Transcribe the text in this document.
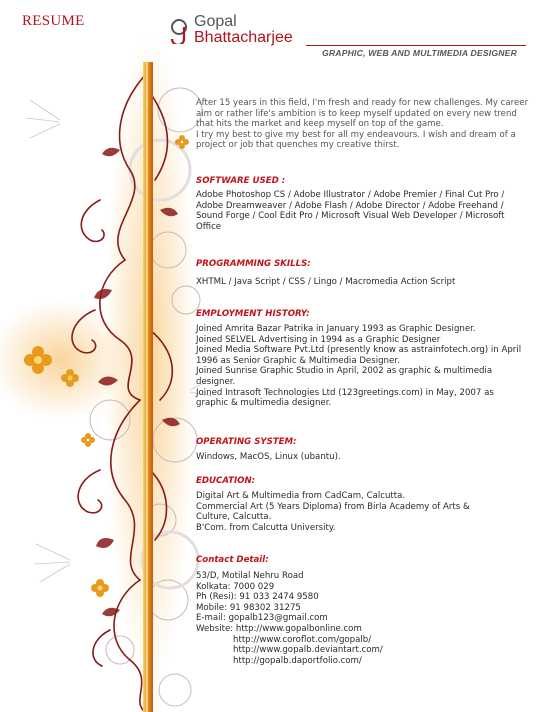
RESUME	Gopal
Bhattacharjee
GRAPHIC, WEB AND MULTIMEDIA DESIGNER
After 15 years in this field, I'm fresh and ready for new challenges. My career
aim or rather life's ambition is to keep myself updated on every new trend
that hits the market and keep myself on top of the game.
I try my best to give my best for all my endeavours. I wish and dream of a
project or job that quenches my creative thirst.
SOFTWARE USED :
Adobe Photoshop CS / Adobe Illustrator / Adobe Premier / Final Cut Pro /
Adobe Dreamweaver / Adobe Flash / Adobe Director / Adobe Freehand /
Sound Forge / Cool Edit Pro / Microsoft Visual Web Developer / Microsoft
Office
PROGRAMMING SKILLS:
XHTML / Java Script / CSS / Lingo / Macromedia Action Script
EMPLOYMENT HISTORY:
Joined Amrita Bazar Patrika in January 1993 as Graphic Designer.
Joined SELVEL Advertising in 1994 as a Graphic Designer
Joined Media Software Pvt.Ltd (presently know as astrainfotech.org) in April
1996 as Senior Graphic & Multimedia Designer.
Joined Sunrise Graphic Studio in April, 2002 as graphic & multimedia
designer.
Joined Intrasoft Technologies Ltd (123greetings.com) in May, 2007 as
graphic & multimedia designer.
OPERATING SYSTEM:
Windows, MacOS, Linux (ubantu).
EDUCATION:
Digital Art & Multimedia from CadCam, Calcutta.
Commercial Art (5 Years Diploma) from Birla Academy of Arts &
Culture, Calcutta.
B'Com. from Calcutta University.
Contact Detail:
53/D, Motilal Nehru Road
Kolkata: 7000 029
Ph (Resi): 91 033 2474 9580
Mobile: 91 98302 31275
E-mail: gopalb123@gmail.com
Website: http://www.gopalbonline.com
http://www.coroflot.com/gopalb/
http://www.gopalb.deviantart.com/
http://gopalb.daportfolio.com/
